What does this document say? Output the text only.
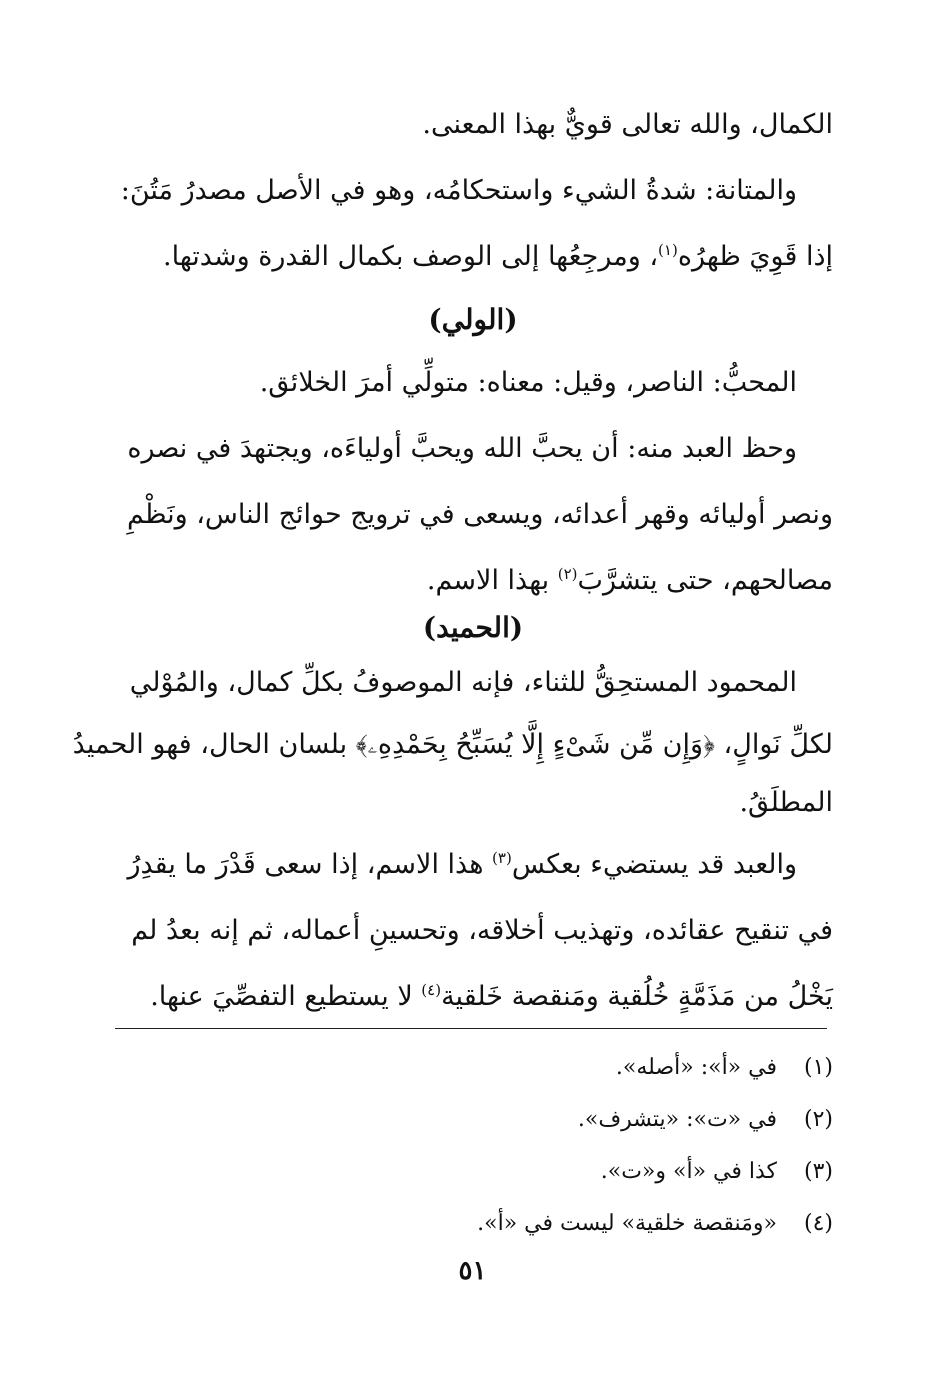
الكمال، والله تعالى قويٌّ بهذا المعنى.
والمتانة: شدةُ الشيء واستحكامُه، وهو في الأصل مصدرُ مَتُنَ:
إذا قَوِيَ ظهرُه$^{(١)}$، ومرجِعُها إلى الوصف بكمال القدرة وشدتها.
(الولي)
المحبُّ: الناصر، وقيل: معناه: متولِّي أمرَ الخلائق.
وحظ العبد منه: أن يحبَّ الله ويحبَّ أولياءَه، ويجتهدَ في نصره
ونصر أوليائه وقهر أعدائه، ويسعى في ترويج حوائج الناس، ونَظْمِ
مصالحهم، حتى يتشرَّبَ$^{(٢)}$ بهذا الاسم.
(الحميد)
المحمود المستحِقُّ للثناء، فإنه الموصوفُ بكلِّ كمال، والمُوْلي
لكلِّ نَوالٍ، ﴿وَإِن مِّن شَىْءٍ إِلَّا يُسَبِّحُ بِحَمْدِهِۦ﴾ بلسان الحال، فهو الحميدُ
المطلَقُ.
والعبد قد يستضيء بعكس$^{(٣)}$ هذا الاسم، إذا سعى قَدْرَ ما يقدِرُ
في تنقيح عقائده، وتهذيب أخلاقه، وتحسينِ أعماله، ثم إنه بعدُ لم
يَخْلُ من مَذَمَّةٍ خُلُقية ومَنقصة خَلقية$^{(٤)}$ لا يستطيع التفصِّيَ عنها.
(١)
في «أ»: «أصله».
(٢)
في «ت»: «يتشرف».
(٣)
كذا في «أ» و«ت».
(٤)
«ومَنقصة خلقية» ليست في «أ».
٥١
